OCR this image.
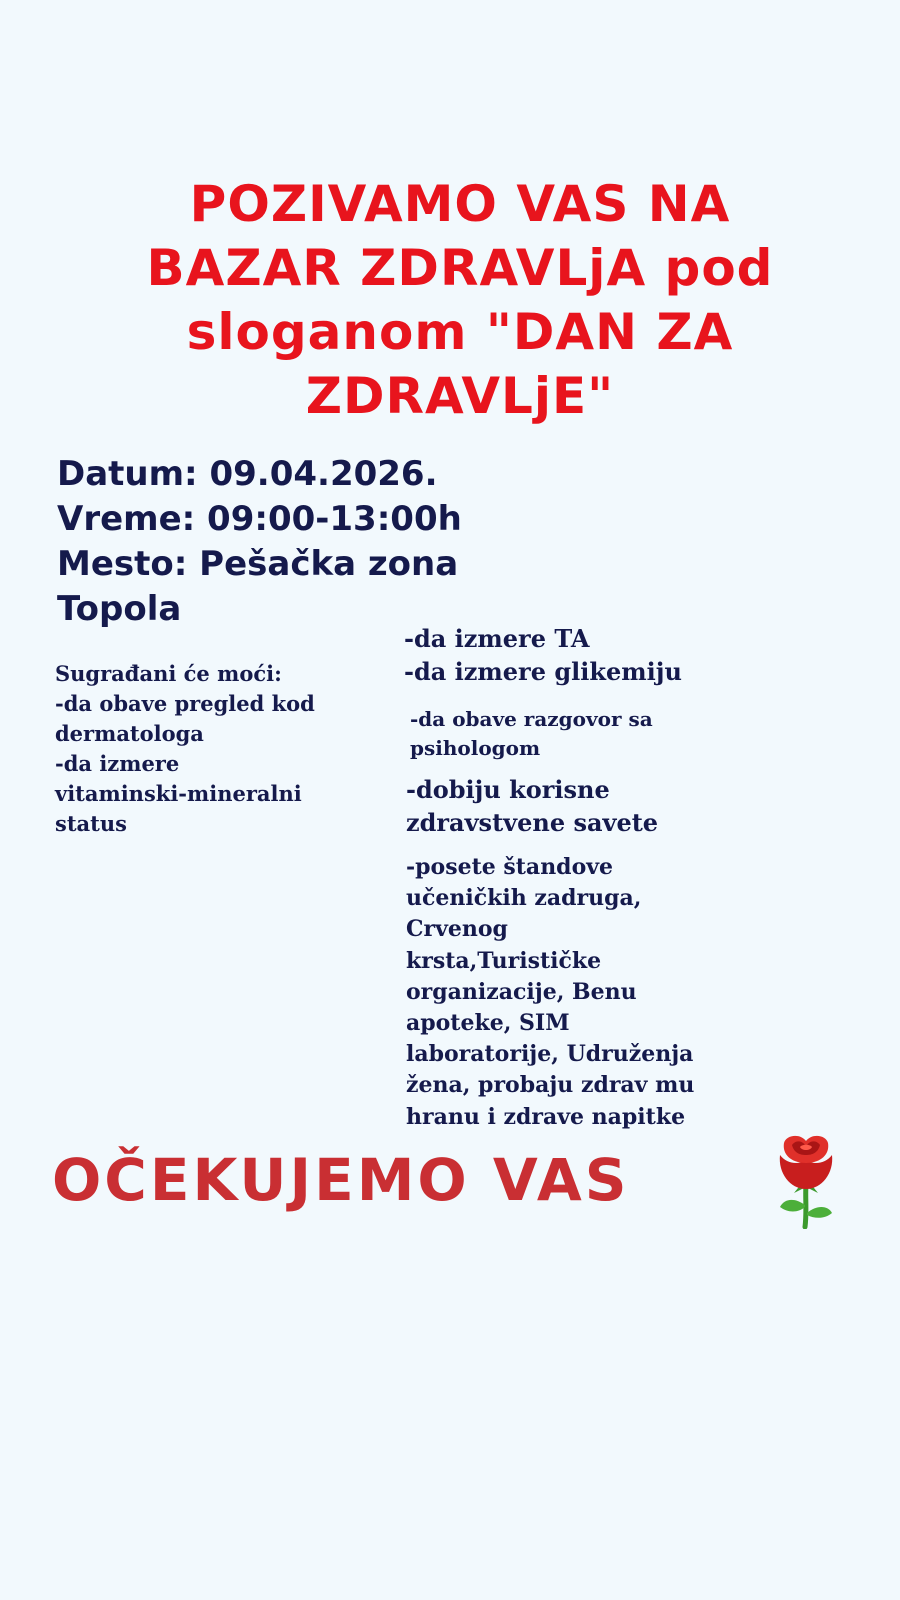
POZIVAMO VAS NA
BAZAR ZDRAVLjA pod
sloganom "DAN ZA
ZDRAVLjE"
Datum: 09.04.2026.
Vreme: 09:00-13:00h
Mesto: Pešačka zona
Topola
Sugrađani će moći:
-da obave pregled kod
dermatologa
-da izmere
vitaminski-mineralni
status
-da izmere TA
-da izmere glikemiju
-da obave razgovor sa
psihologom
-dobiju korisne
zdravstvene savete
-posete štandove
učeničkih zadruga,
Crvenog
krsta,Turističke
organizacije, Benu
apoteke, SIM
laboratorije, Udruženja
žena, probaju zdrav mu
hranu i zdrave napitke
OČEKUJEMO VAS
